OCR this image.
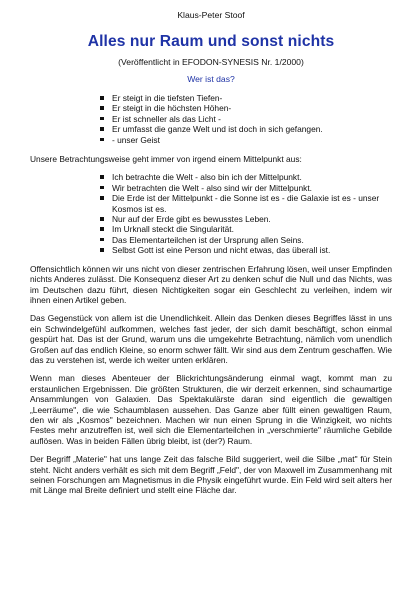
Klaus-Peter Stoof
Alles nur Raum und sonst nichts
(Veröffentlicht in EFODON-SYNESIS Nr. 1/2000)
Wer ist das?
Er steigt in die tiefsten Tiefen-
Er steigt in die höchsten Höhen-
Er ist schneller als das Licht -
Er umfasst die ganze Welt und ist doch in sich gefangen.
- unser Geist
Unsere Betrachtungsweise geht immer von irgend einem Mittelpunkt aus:
Ich betrachte die Welt - also bin ich der Mittelpunkt.
Wir betrachten die Welt - also sind wir der Mittelpunkt.
Die Erde ist der Mittelpunkt - die Sonne ist es - die Galaxie ist es - unser Kosmos ist es.
Nur auf der Erde gibt es bewusstes Leben.
Im Urknall steckt die Singularität.
Das Elementarteilchen ist der Ursprung allen Seins.
Selbst Gott ist eine Person und nicht etwas, das überall ist.
Offensichtlich können wir uns nicht von dieser zentrischen Erfahrung lösen, weil unser Empfinden nichts Anderes zulässt. Die Konsequenz dieser Art zu denken schuf die Null und das Nichts, was im Deutschen dazu führt, diesen Nichtigkeiten sogar ein Geschlecht zu verleihen, indem wir ihnen einen Artikel geben.
Das Gegenstück von allem ist die Unendlichkeit. Allein das Denken dieses Begriffes lässt in uns ein Schwindelgefühl aufkommen, welches fast jeder, der sich damit beschäftigt, schon einmal gespürt hat. Das ist der Grund, warum uns die umgekehrte Betrachtung, nämlich vom unendlich Großen auf das endlich Kleine, so enorm schwer fällt. Wir sind aus dem Zentrum geschaffen. Wie das zu verstehen ist, werde ich weiter unten erklären.
Wenn man dieses Abenteuer der Blickrichtungsänderung einmal wagt, kommt man zu erstaunlichen Ergebnissen. Die größten Strukturen, die wir derzeit erkennen, sind schaumartige Ansammlungen von Galaxien. Das Spektakulärste daran sind eigentlich die gewaltigen „Leerräume", die wie Schaumblasen aussehen. Das Ganze aber füllt einen gewaltigen Raum, den wir als „Kosmos" bezeichnen. Machen wir nun einen Sprung in die Winzigkeit, wo nichts Festes mehr anzutreffen ist, weil sich die Elementarteilchen in „verschmierte" räumliche Gebilde auflösen. Was in beiden Fällen übrig bleibt, ist (der?) Raum.
Der Begriff „Materie" hat uns lange Zeit das falsche Bild suggeriert, weil die Silbe „mat" für Stein steht. Nicht anders verhält es sich mit dem Begriff „Feld", der von Maxwell im Zusammenhang mit seinen Forschungen am Magnetismus in die Physik eingeführt wurde. Ein Feld wird seit alters her mit Länge mal Breite definiert und stellt eine Fläche dar.
